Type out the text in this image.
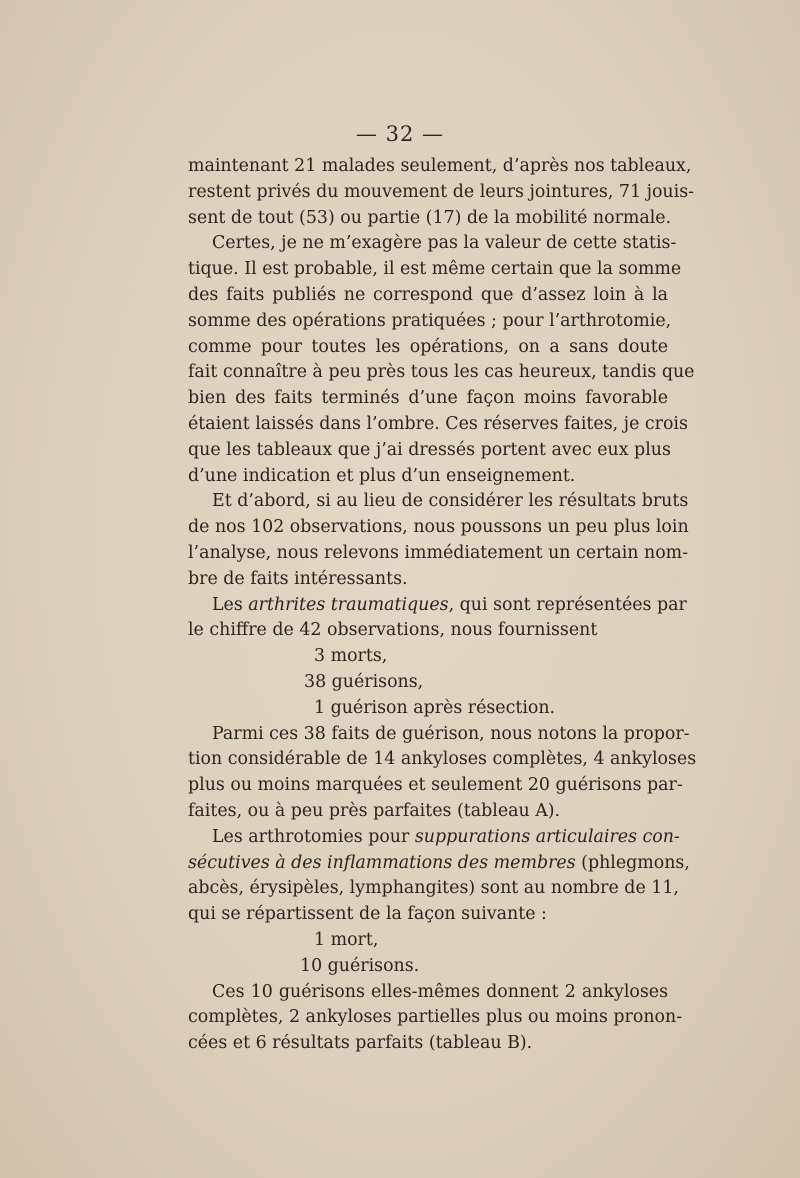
— 32 —
maintenant 21 malades seulement, d’après nos tableaux,
restent privés du mouvement de leurs jointures, 71 jouis-
sent de tout (53) ou partie (17) de la mobilité normale.
Certes, je ne m’exagère pas la valeur de cette statis-
tique. Il est probable, il est même certain que la somme
des faits publiés ne correspond que d’assez loin à la
somme des opérations pratiquées ; pour l’arthrotomie,
comme pour toutes les opérations, on a sans doute
fait connaître à peu près tous les cas heureux, tandis que
bien des faits terminés d’une façon moins favorable
étaient laissés dans l’ombre. Ces réserves faites, je crois
que les tableaux que j’ai dressés portent avec eux plus
d’une indication et plus d’un enseignement.
Et d’abord, si au lieu de considérer les résultats bruts
de nos 102 observations, nous poussons un peu plus loin
l’analyse, nous relevons immédiatement un certain nom-
bre de faits intéressants.
Les arthrites traumatiques, qui sont représentées par
le chiffre de 42 observations, nous fournissent
3 morts,
38 guérisons,
1 guérison après résection.
Parmi ces 38 faits de guérison, nous notons la propor-
tion considérable de 14 ankyloses complètes, 4 ankyloses
plus ou moins marquées et seulement 20 guérisons par-
faites, ou à peu près parfaites (tableau A).
Les arthrotomies pour suppurations articulaires con-
sécutives à des inflammations des membres (phlegmons,
abcès, érysipèles, lymphangites) sont au nombre de 11,
qui se répartissent de la façon suivante :
1 mort,
10 guérisons.
Ces 10 guérisons elles-mêmes donnent 2 ankyloses
complètes, 2 ankyloses partielles plus ou moins pronon-
cées et 6 résultats parfaits (tableau B).
